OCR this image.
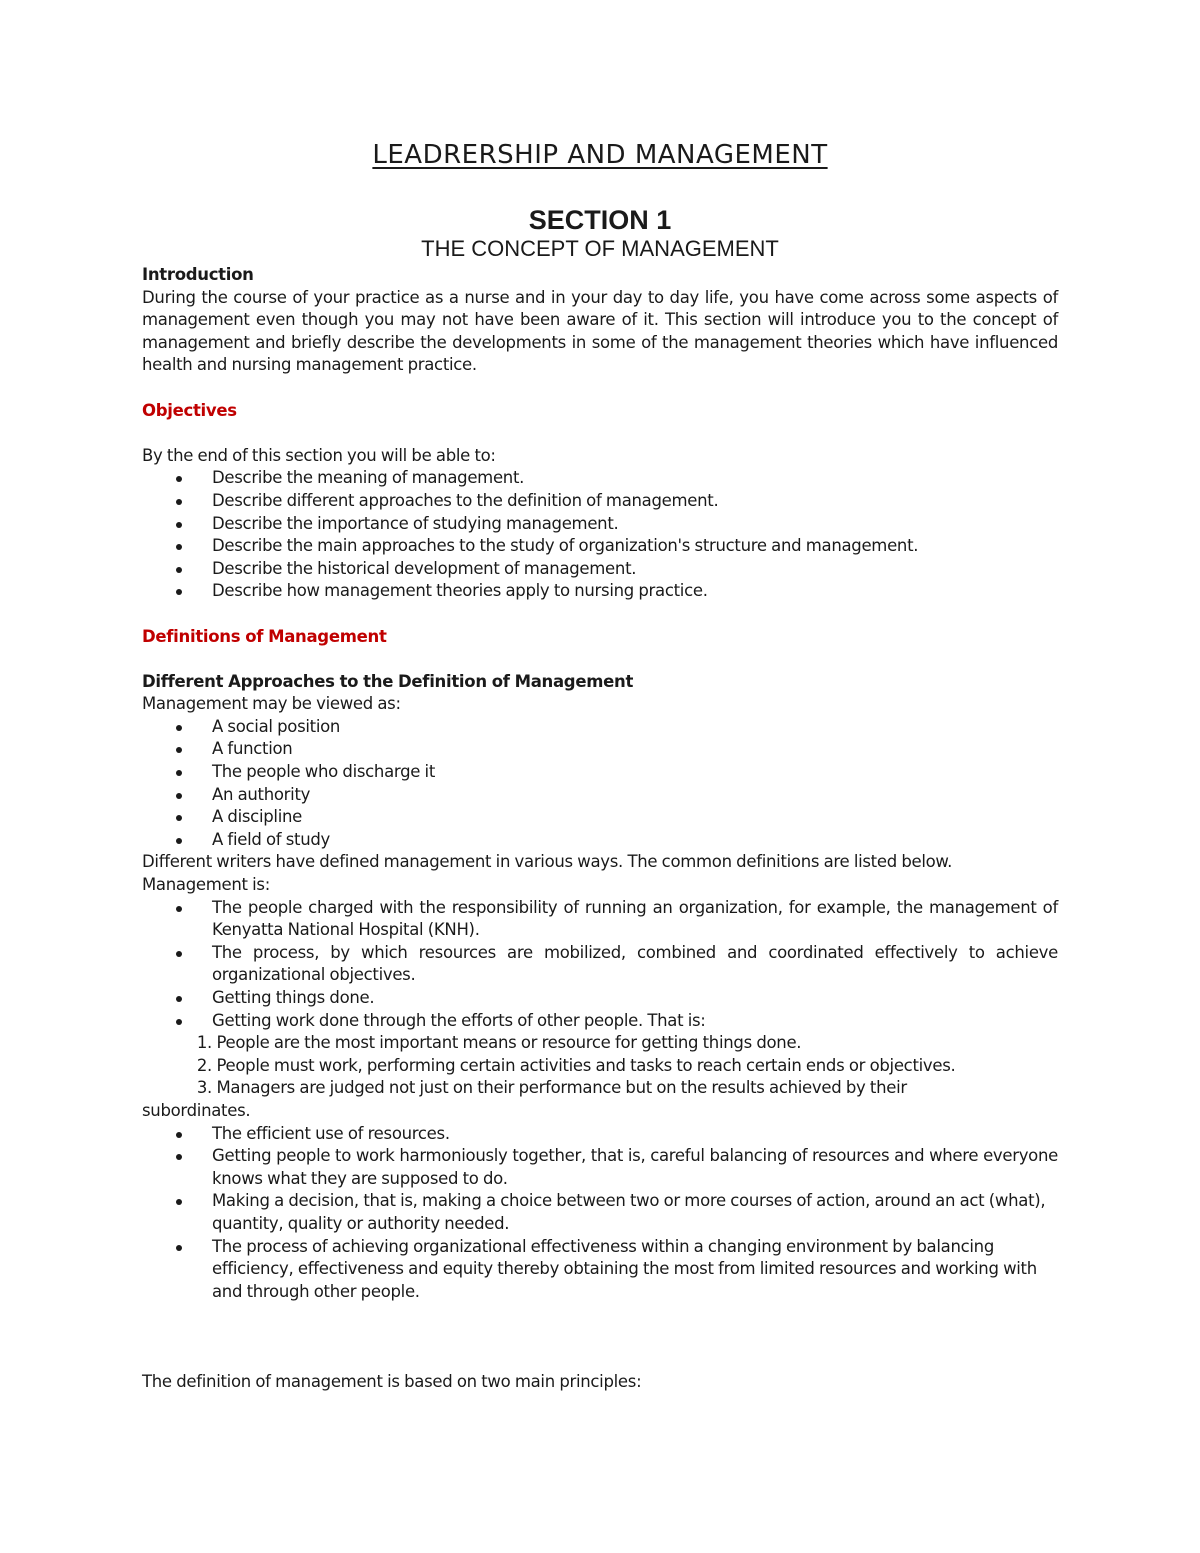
LEADRERSHIP AND MANAGEMENT
SECTION 1
THE CONCEPT OF MANAGEMENT
Introduction
During the course of your practice as a nurse and in your day to day life, you have come across some aspects of management even though you may not have been aware of it. This section will introduce you to the concept of management and briefly describe the developments in some of the management theories which have influenced health and nursing management practice.
Objectives
By the end of this section you will be able to:
Describe the meaning of management.
Describe different approaches to the definition of management.
Describe the importance of studying management.
Describe the main approaches to the study of organization's structure and management.
Describe the historical development of management.
Describe how management theories apply to nursing practice.
Definitions of Management
Different Approaches to the Definition of Management
Management may be viewed as:
A social position
A function
The people who discharge it
An authority
A discipline
A field of study
Different writers have defined management in various ways. The common definitions are listed below.
Management is:
The people charged with the responsibility of running an organization, for example, the management of Kenyatta National Hospital (KNH).
The process, by which resources are mobilized, combined and coordinated effectively to achieve organizational objectives.
Getting things done.
Getting work done through the efforts of other people. That is:
1. People are the most important means or resource for getting things done.
2. People must work, performing certain activities and tasks to reach certain ends or objectives.
3. Managers are judged not just on their performance but on the results achieved by their
subordinates.
The efficient use of resources.
Getting people to work harmoniously together, that is, careful balancing of resources and where everyone knows what they are supposed to do.
Making a decision, that is, making a choice between two or more courses of action, around an act (what), quantity, quality or authority needed.
The process of achieving organizational effectiveness within a changing environment by balancing efficiency, effectiveness and equity thereby obtaining the most from limited resources and working with and through other people.
The definition of management is based on two main principles:
